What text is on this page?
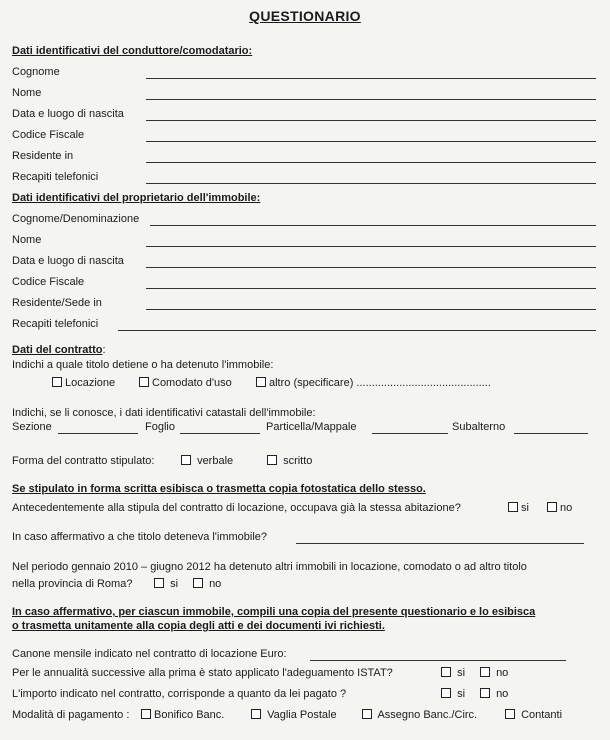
QUESTIONARIO
Dati identificativi del conduttore/comodatario:
Cognome
Nome
Data e luogo di nascita
Codice Fiscale
Residente in
Recapiti telefonici
Dati identificativi del proprietario dell'immobile:
Cognome/Denominazione
Nome
Data e luogo di nascita
Codice Fiscale
Residente/Sede in
Recapiti telefonici
Dati del contratto:
Indichi a quale titolo detiene o ha detenuto l'immobile:
Locazione	Comodato d'uso	altro (specificare) ............................................
Indichi, se li conosce, i dati identificativi catastali dell'immobile:
Sezione	Foglio	Particella/Mappale	Subalterno
Forma del contratto stipulato:	verbale	scritto
Se stipulato in forma scritta esibisca o trasmetta copia fotostatica dello stesso.
Antecedentemente alla stipula del contratto di locazione, occupava già la stessa abitazione?	si	no
In caso affermativo a che titolo deteneva l'immobile?
Nel periodo gennaio 2010 – giugno 2012 ha detenuto altri immobili in locazione, comodato o ad altro titolo
nella provincia di Roma?	si	no
In caso affermativo, per ciascun immobile, compili una copia del presente questionario e lo esibisca
o trasmetta unitamente alla copia degli atti e dei documenti ivi richiesti.
Canone mensile indicato nel contratto di locazione Euro:
Per le annualità successive alla prima è stato applicato l'adeguamento ISTAT?	si	no
L'importo indicato nel contratto, corrisponde a quanto da lei pagato ?	si	no
Modalità di pagamento :	Bonifico Banc.	Vaglia Postale	Assegno Banc./Circ.	Contanti
